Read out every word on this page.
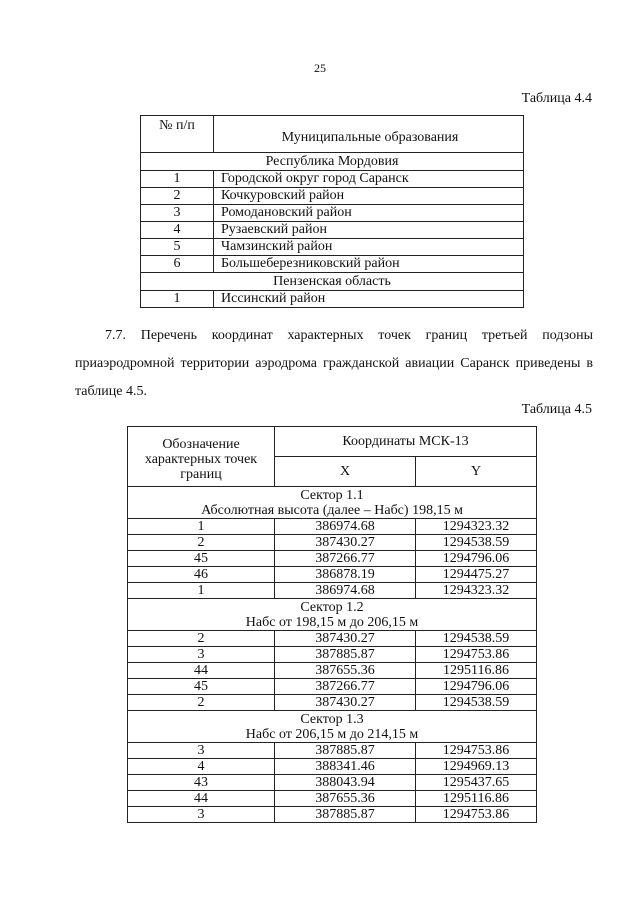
25
Таблица 4.4
№ п/п	Муниципальные образования
Республика Мордовия	
1	Городской округ город Саранск
2	Кочкуровский район
3	Ромодановский район
4	Рузаевский район
5	Чамзинский район
6	Большеберезниковский район
Пензенская область	
1	Иссинский район
7.7. Перечень координат характерных точек границ третьей подзоны
приаэродромной территории аэродрома гражданской авиации Саранск приведены в
таблице 4.5.
Таблица 4.5
Обозначение характерных точек границ	Координаты МСК-13	
	X	Y

Сектор 1.1
Абсолютная высота (далее – Набс) 198,15 м		

1	386974.68	1294323.32
2	387430.27	1294538.59
45	387266.77	1294796.06
46	386878.19	1294475.27
1	386974.68	1294323.32

Сектор 1.2
Набс от 198,15 м до 206,15 м		

2	387430.27	1294538.59
3	387885.87	1294753.86
44	387655.36	1295116.86
45	387266.77	1294796.06
2	387430.27	1294538.59

Сектор 1.3
Набс от 206,15 м до 214,15 м		

3	387885.87	1294753.86
4	388341.46	1294969.13
43	388043.94	1295437.65
44	387655.36	1295116.86
3	387885.87	1294753.86
